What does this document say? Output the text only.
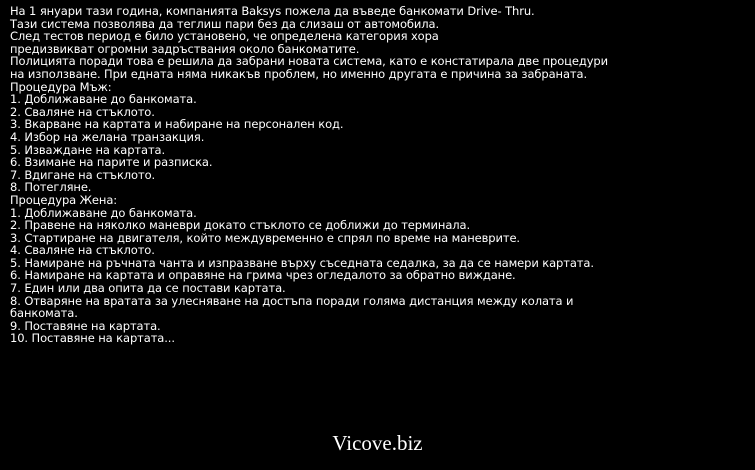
На 1 януари тази година, компанията Baksys пожела да въведе банкомати Drive- Thru.
Тази система позволява да теглиш пари без да слизаш от автомобила.
След тестов период е било установено, че определена категория хора
предизвикват огромни задръствания около банкоматите.
Полицията поради това е решила да забрани новата система, като е констатирала две процедури
на използване. При едната няма никакъв проблем, но именно другата е причина за забраната.
Процедура Мъж:
1. Доближаване до банкомата.
2. Сваляне на стъклото.
3. Вкарване на картата и набиране на персонален код.
4. Избор на желана транзакция.
5. Изваждане на картата.
6. Взимане на парите и разписка.
7. Вдигане на стъклото.
8. Потегляне.
Процедура Жена:
1. Доближаване до банкомата.
2. Правене на няколко маневри докато стъклото се доближи до терминала.
3. Стартиране на двигателя, който междувременно е спрял по време на маневрите.
4. Сваляне на стъклото.
5. Намиране на ръчната чанта и изпразване върху съседната седалка, за да се намери картата.
6. Намиране на картата и оправяне на грима чрез огледалото за обратно виждане.
7. Един или два опита да се постави картата.
8. Отваряне на вратата за улесняване на достъпа поради голяма дистанция между колата и
банкомата.
9. Поставяне на картата.
10. Поставяне на картата...
Vicove.biz
